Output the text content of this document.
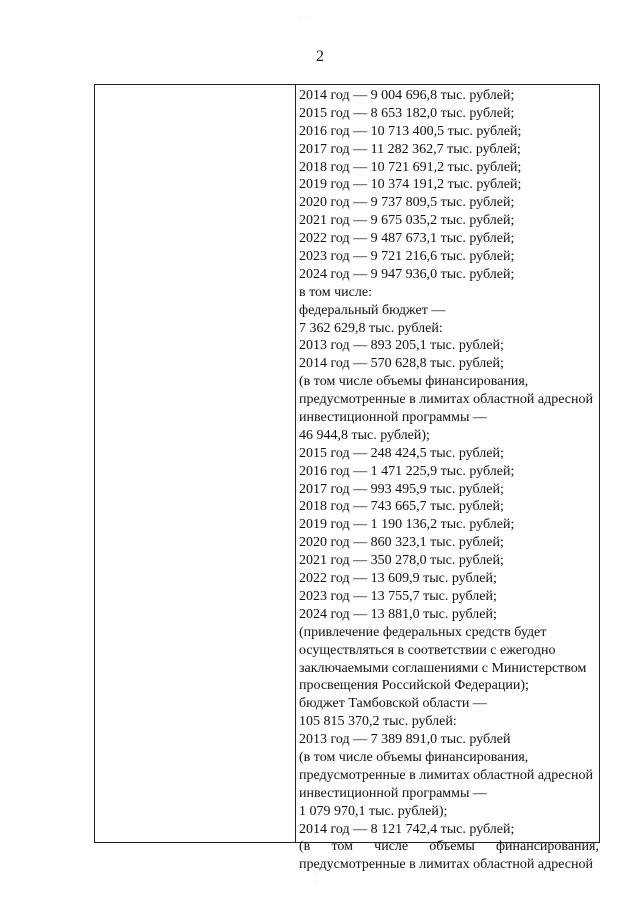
2
·  ·
·
·
2014 год — 9 004 696,8 тыс. рублей;
2015 год — 8 653 182,0 тыс. рублей;
2016 год — 10 713 400,5 тыс. рублей;
2017 год — 11 282 362,7 тыс. рублей;
2018 год — 10 721 691,2 тыс. рублей;
2019 год — 10 374 191,2 тыс. рублей;
2020 год — 9 737 809,5 тыс. рублей;
2021 год — 9 675 035,2 тыс. рублей;
2022 год — 9 487 673,1 тыс. рублей;
2023 год — 9 721 216,6 тыс. рублей;
2024 год — 9 947 936,0 тыс. рублей;
в том числе:
федеральный бюджет —
7 362 629,8 тыс. рублей:
2013 год — 893 205,1 тыс. рублей;
2014 год — 570 628,8 тыс. рублей;
(в том числе объемы финансирования,
предусмотренные в лимитах областной адресной
инвестиционной программы —
46 944,8 тыс. рублей);
2015 год — 248 424,5 тыс. рублей;
2016 год — 1 471 225,9 тыс. рублей;
2017 год — 993 495,9 тыс. рублей;
2018 год — 743 665,7 тыс. рублей;
2019 год — 1 190 136,2 тыс. рублей;
2020 год — 860 323,1 тыс. рублей;
2021 год — 350 278,0 тыс. рублей;
2022 год — 13 609,9 тыс. рублей;
2023 год — 13 755,7 тыс. рублей;
2024 год — 13 881,0 тыс. рублей;
(привлечение федеральных средств будет
осуществляться в соответствии с ежегодно
заключаемыми соглашениями с Министерством
просвещения Российской Федерации);
бюджет Тамбовской области —
105 815 370,2 тыс. рублей:
2013 год — 7 389 891,0 тыс. рублей
(в том числе объемы финансирования,
предусмотренные в лимитах областной адресной
инвестиционной программы —
1 079 970,1 тыс. рублей);
2014 год — 8 121 742,4 тыс. рублей;
(в том числе объемы финансирования,
предусмотренные в лимитах областной адресной
